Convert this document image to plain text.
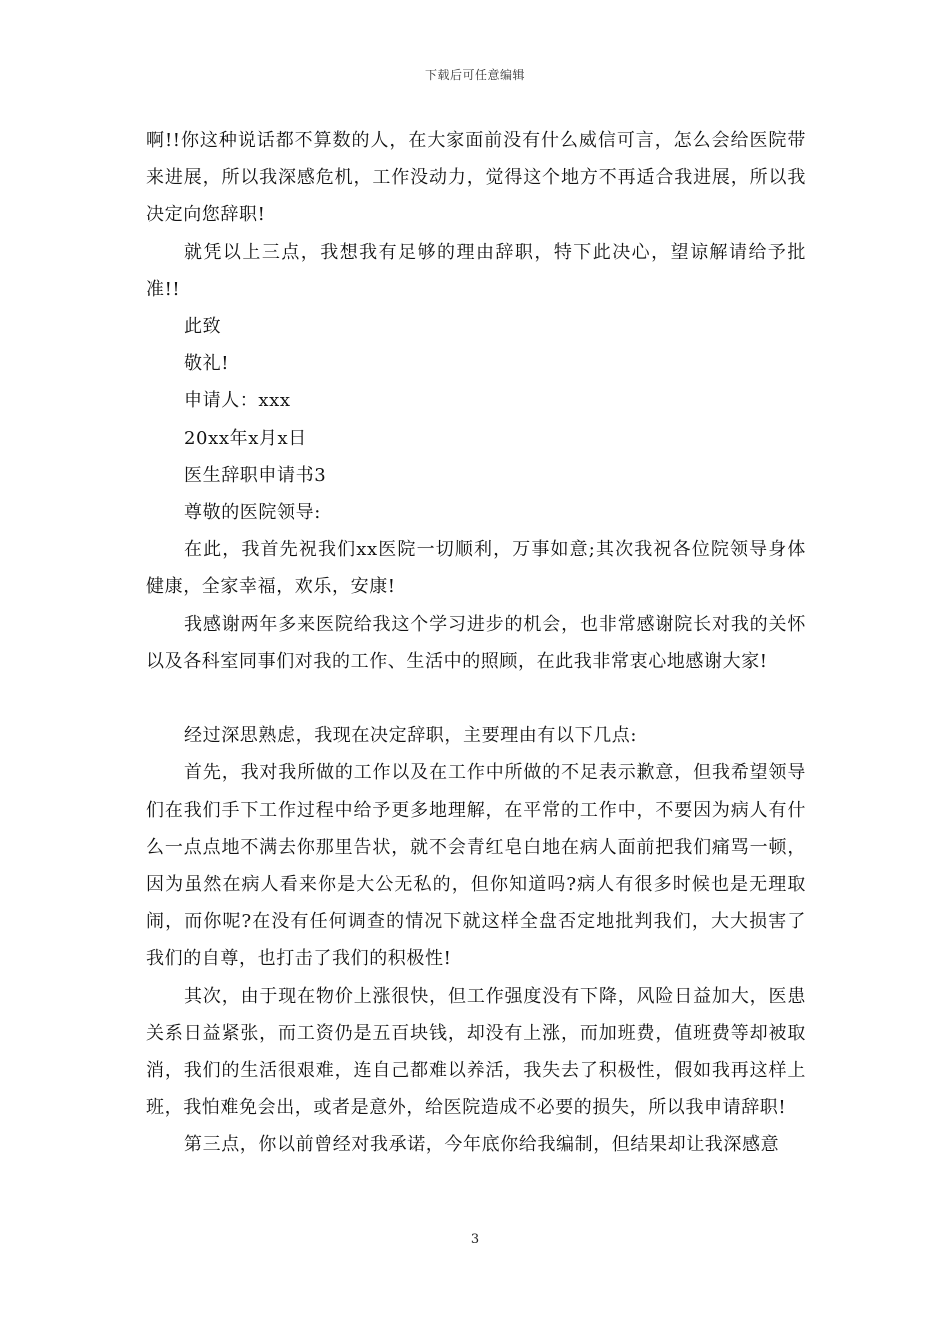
下载后可任意编辑

啊!!你这种说话都不算数的人，在大家面前没有什么威信可言，怎么会给医院带来进展，所以我深感危机，工作没动力，觉得这个地方不再适合我进展，所以我决定向您辞职!

就凭以上三点，我想我有足够的理由辞职，特下此决心，望谅解请给予批准!!

此致

敬礼!

申请人：xxx

20xx年x月x日

医生辞职申请书3

尊敬的医院领导:

在此，我首先祝我们xx医院一切顺利，万事如意;其次我祝各位院领导身体健康，全家幸福，欢乐，安康!

我感谢两年多来医院给我这个学习进步的机会，也非常感谢院长对我的关怀以及各科室同事们对我的工作、生活中的照顾，在此我非常衷心地感谢大家!

经过深思熟虑，我现在决定辞职，主要理由有以下几点:

首先，我对我所做的工作以及在工作中所做的不足表示歉意，但我希望领导们在我们手下工作过程中给予更多地理解，在平常的工作中，不要因为病人有什么一点点地不满去你那里告状，就不会青红皂白地在病人面前把我们痛骂一顿，因为虽然在病人看来你是大公无私的，但你知道吗?病人有很多时候也是无理取闹，而你呢?在没有任何调查的情况下就这样全盘否定地批判我们，大大损害了我们的自尊，也打击了我们的积极性!

其次，由于现在物价上涨很快，但工作强度没有下降，风险日益加大，医患关系日益紧张，而工资仍是五百块钱，却没有上涨，而加班费，值班费等却被取消，我们的生活很艰难，连自己都难以养活，我失去了积极性，假如我再这样上班，我怕难免会出，或者是意外，给医院造成不必要的损失，所以我申请辞职!

第三点，你以前曾经对我承诺，今年底你给我编制，但结果却让我深感意

3
